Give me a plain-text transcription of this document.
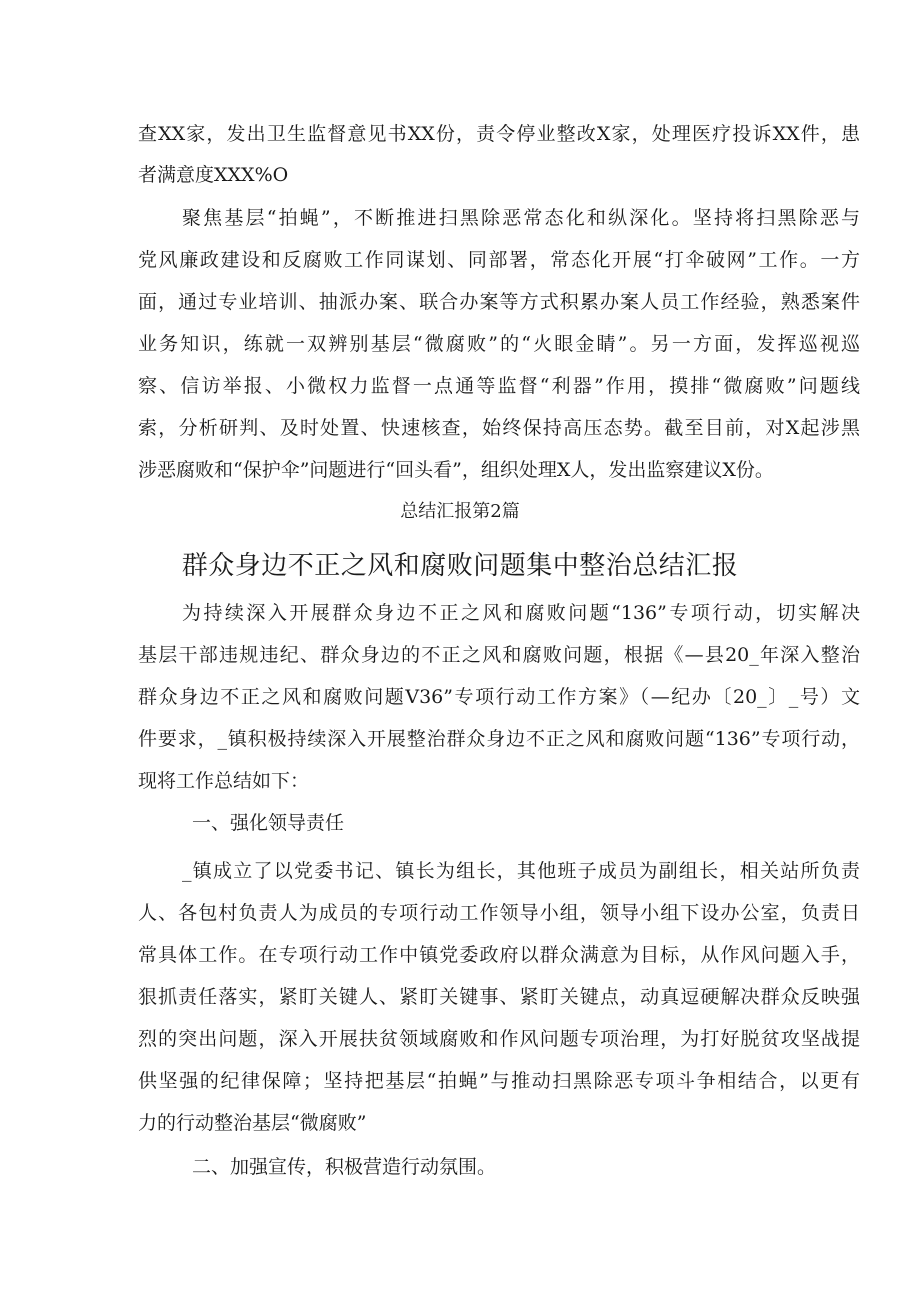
查XX家，发出卫生监督意见书XX份，责令停业整改X家，处理医疗投诉XX件，患
者满意度XXX%O
聚焦基层“拍蝇”，不断推进扫黑除恶常态化和纵深化。坚持将扫黑除恶与
党风廉政建设和反腐败工作同谋划、同部署，常态化开展“打伞破网”工作。一方
面，通过专业培训、抽派办案、联合办案等方式积累办案人员工作经验，熟悉案件
业务知识，练就一双辨别基层“微腐败”的“火眼金睛”。另一方面，发挥巡视巡
察、信访举报、小微权力监督一点通等监督“利器”作用，摸排“微腐败”问题线
索，分析研判、及时处置、快速核查，始终保持高压态势。截至目前，对X起涉黑
涉恶腐败和“保护伞”问题进行“回头看”，组织处理X人，发出监察建议X份。
总结汇报第2篇
群众身边不正之风和腐败问题集中整治总结汇报
为持续深入开展群众身边不正之风和腐败问题“136”专项行动，切实解决
基层干部违规违纪、群众身边的不正之风和腐败问题，根据《—县20_年深入整治
群众身边不正之风和腐败问题V36”专项行动工作方案》（—纪办〔20_〕_号）文
件要求，_镇积极持续深入开展整治群众身边不正之风和腐败问题“136”专项行动，
现将工作总结如下：
一、强化领导责任
_镇成立了以党委书记、镇长为组长，其他班子成员为副组长，相关站所负责
人、各包村负责人为成员的专项行动工作领导小组，领导小组下设办公室，负责日
常具体工作。在专项行动工作中镇党委政府以群众满意为目标，从作风问题入手，
狠抓责任落实，紧盯关键人、紧盯关键事、紧盯关键点，动真逗硬解决群众反映强
烈的突出问题，深入开展扶贫领域腐败和作风问题专项治理，为打好脱贫攻坚战提
供坚强的纪律保障；坚持把基层“拍蝇”与推动扫黑除恶专项斗争相结合，以更有
力的行动整治基层“微腐败”
二、加强宣传，积极营造行动氛围。
